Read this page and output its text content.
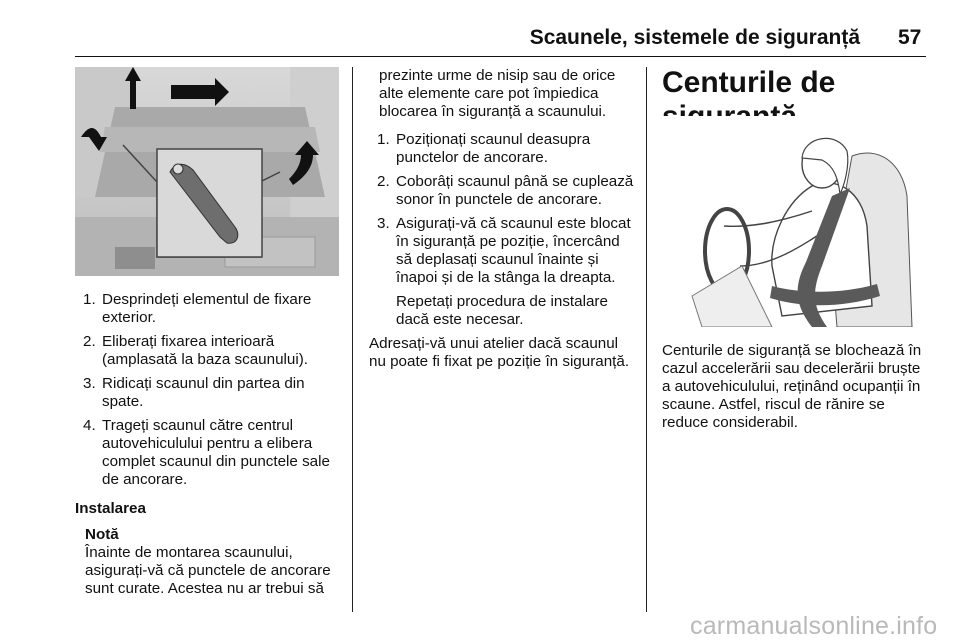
Scaunele, sistemele de siguranță 57
1. Desprindeți elementul de fixare exterior.
2. Eliberați fixarea interioară (amplasată la baza scaunului).
3. Ridicați scaunul din partea din spate.
4. Trageți scaunul către centrul autovehiculului pentru a elibera complet scaunul din punctele sale de ancorare.

Instalarea

Notă

Înainte de montarea scaunului, asigurați-vă că punctele de ancorare sunt curate. Acestea nu ar trebui să

prezinte urme de nisip sau de orice alte elemente care pot împiedica blocarea în siguranță a scaunului.

1. Poziționați scaunul deasupra punctelor de ancorare.
2. Coborâți scaunul până se cuplează sonor în punctele de ancorare.
3. Asigurați-vă că scaunul este blocat în siguranță pe poziție, încercând să deplasați scaunul înainte și înapoi și de la stânga la dreapta.

Repetați procedura de instalare dacă este necesar.

Adresați-vă unui atelier dacă scaunul nu poate fi fixat pe poziție în siguranță.

Centurile de

Centurile de siguranță se blochează în cazul accelerării sau decelerării bruște a autovehiculului, reținând ocupanții în scaune. Astfel, riscul de rănire se reduce considerabil.

carmanualsonline.info
